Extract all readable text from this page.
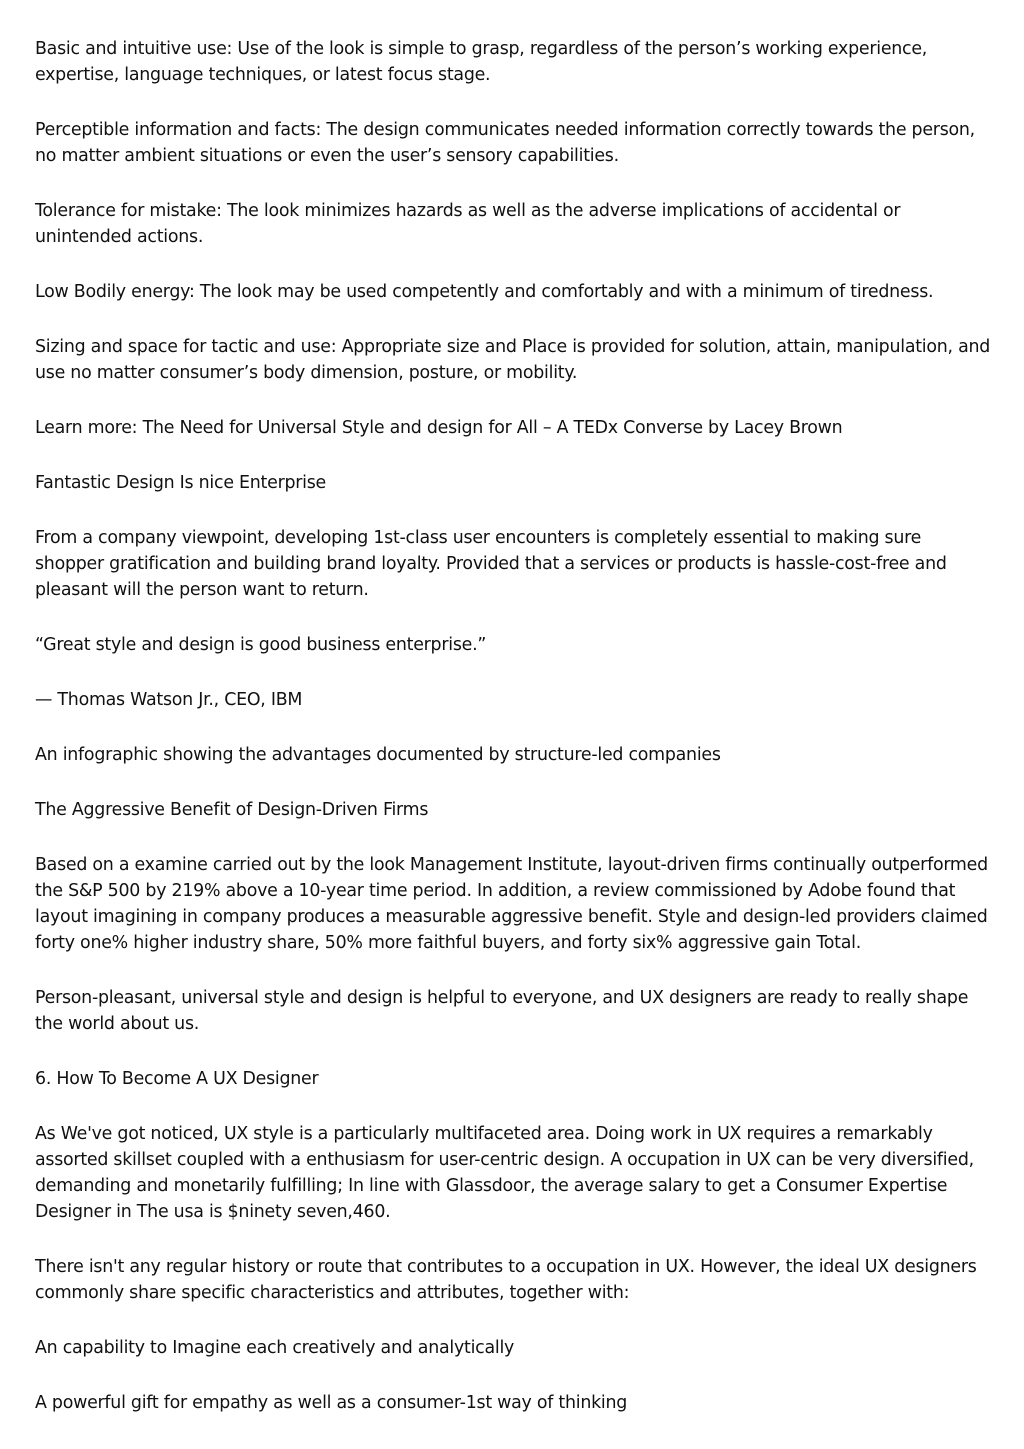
Basic and intuitive use: Use of the look is simple to grasp, regardless of the person’s working experience, expertise, language techniques, or latest focus stage.

Perceptible information and facts: The design communicates needed information correctly towards the person, no matter ambient situations or even the user’s sensory capabilities.

Tolerance for mistake: The look minimizes hazards as well as the adverse implications of accidental or unintended actions.

Low Bodily energy: The look may be used competently and comfortably and with a minimum of tiredness.

Sizing and space for tactic and use: Appropriate size and Place is provided for solution, attain, manipulation, and use no matter consumer’s body dimension, posture, or mobility.

Learn more: The Need for Universal Style and design for All – A TEDx Converse by Lacey Brown

Fantastic Design Is nice Enterprise

From a company viewpoint, developing 1st-class user encounters is completely essential to making sure shopper gratification and building brand loyalty. Provided that a services or products is hassle-cost-free and pleasant will the person want to return.

“Great style and design is good business enterprise.”

— Thomas Watson Jr., CEO, IBM

An infographic showing the advantages documented by structure-led companies

The Aggressive Benefit of Design-Driven Firms

Based on a examine carried out by the look Management Institute, layout-driven firms continually outperformed the S&P 500 by 219% above a 10-year time period. In addition, a review commissioned by Adobe found that layout imagining in company produces a measurable aggressive benefit. Style and design-led providers claimed forty one% higher industry share, 50% more faithful buyers, and forty six% aggressive gain Total.

Person-pleasant, universal style and design is helpful to everyone, and UX designers are ready to really shape the world about us.

6. How To Become A UX Designer

As We've got noticed, UX style is a particularly multifaceted area. Doing work in UX requires a remarkably assorted skillset coupled with a enthusiasm for user-centric design. A occupation in UX can be very diversified, demanding and monetarily fulfilling; In line with Glassdoor, the average salary to get a Consumer Expertise Designer in The usa is $ninety seven,460.

There isn't any regular history or route that contributes to a occupation in UX. However, the ideal UX designers commonly share specific characteristics and attributes, together with:

An capability to Imagine each creatively and analytically

A powerful gift for empathy as well as a consumer-1st way of thinking
